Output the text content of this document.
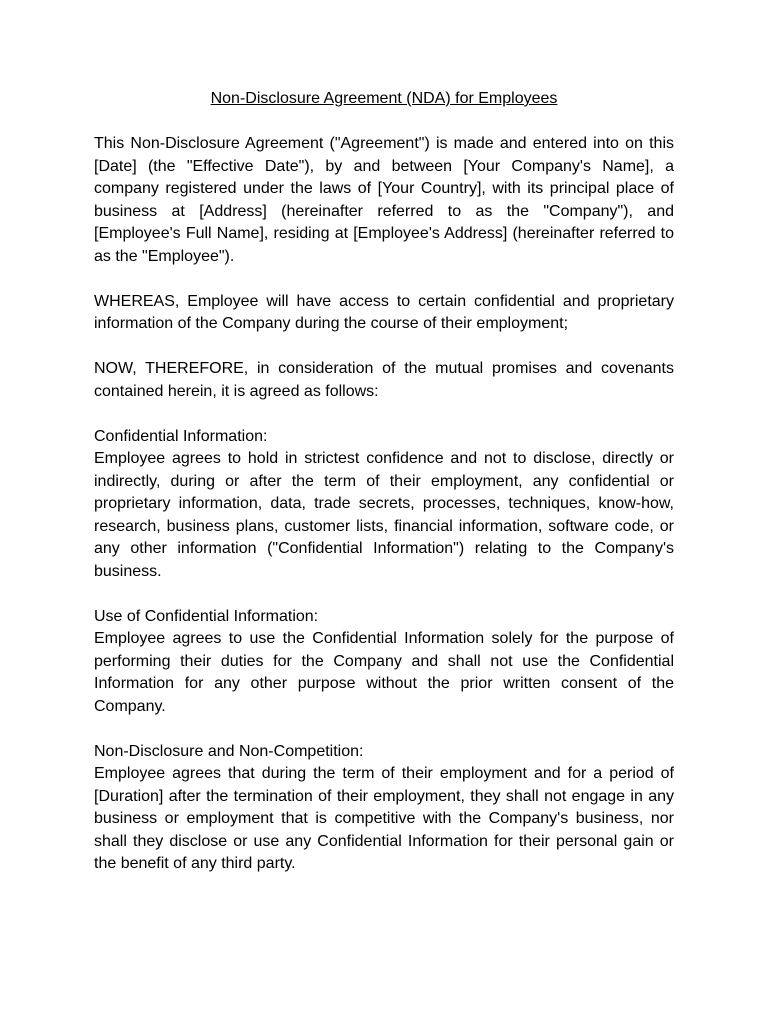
Non-Disclosure Agreement (NDA) for Employees

This Non-Disclosure Agreement ("Agreement") is made and entered into on this [Date] (the "Effective Date"), by and between [Your Company's Name], a company registered under the laws of [Your Country], with its principal place of business at [Address] (hereinafter referred to as the "Company"), and [Employee's Full Name], residing at [Employee's Address] (hereinafter referred to as the "Employee").

WHEREAS, Employee will have access to certain confidential and proprietary information of the Company during the course of their employment;

NOW, THEREFORE, in consideration of the mutual promises and covenants contained herein, it is agreed as follows:

Confidential Information:

Employee agrees to hold in strictest confidence and not to disclose, directly or indirectly, during or after the term of their employment, any confidential or proprietary information, data, trade secrets, processes, techniques, know-how, research, business plans, customer lists, financial information, software code, or any other information ("Confidential Information") relating to the Company's business.

Use of Confidential Information:

Employee agrees to use the Confidential Information solely for the purpose of performing their duties for the Company and shall not use the Confidential Information for any other purpose without the prior written consent of the Company.

Non-Disclosure and Non-Competition:

Employee agrees that during the term of their employment and for a period of [Duration] after the termination of their employment, they shall not engage in any business or employment that is competitive with the Company's business, nor shall they disclose or use any Confidential Information for their personal gain or the benefit of any third party.
